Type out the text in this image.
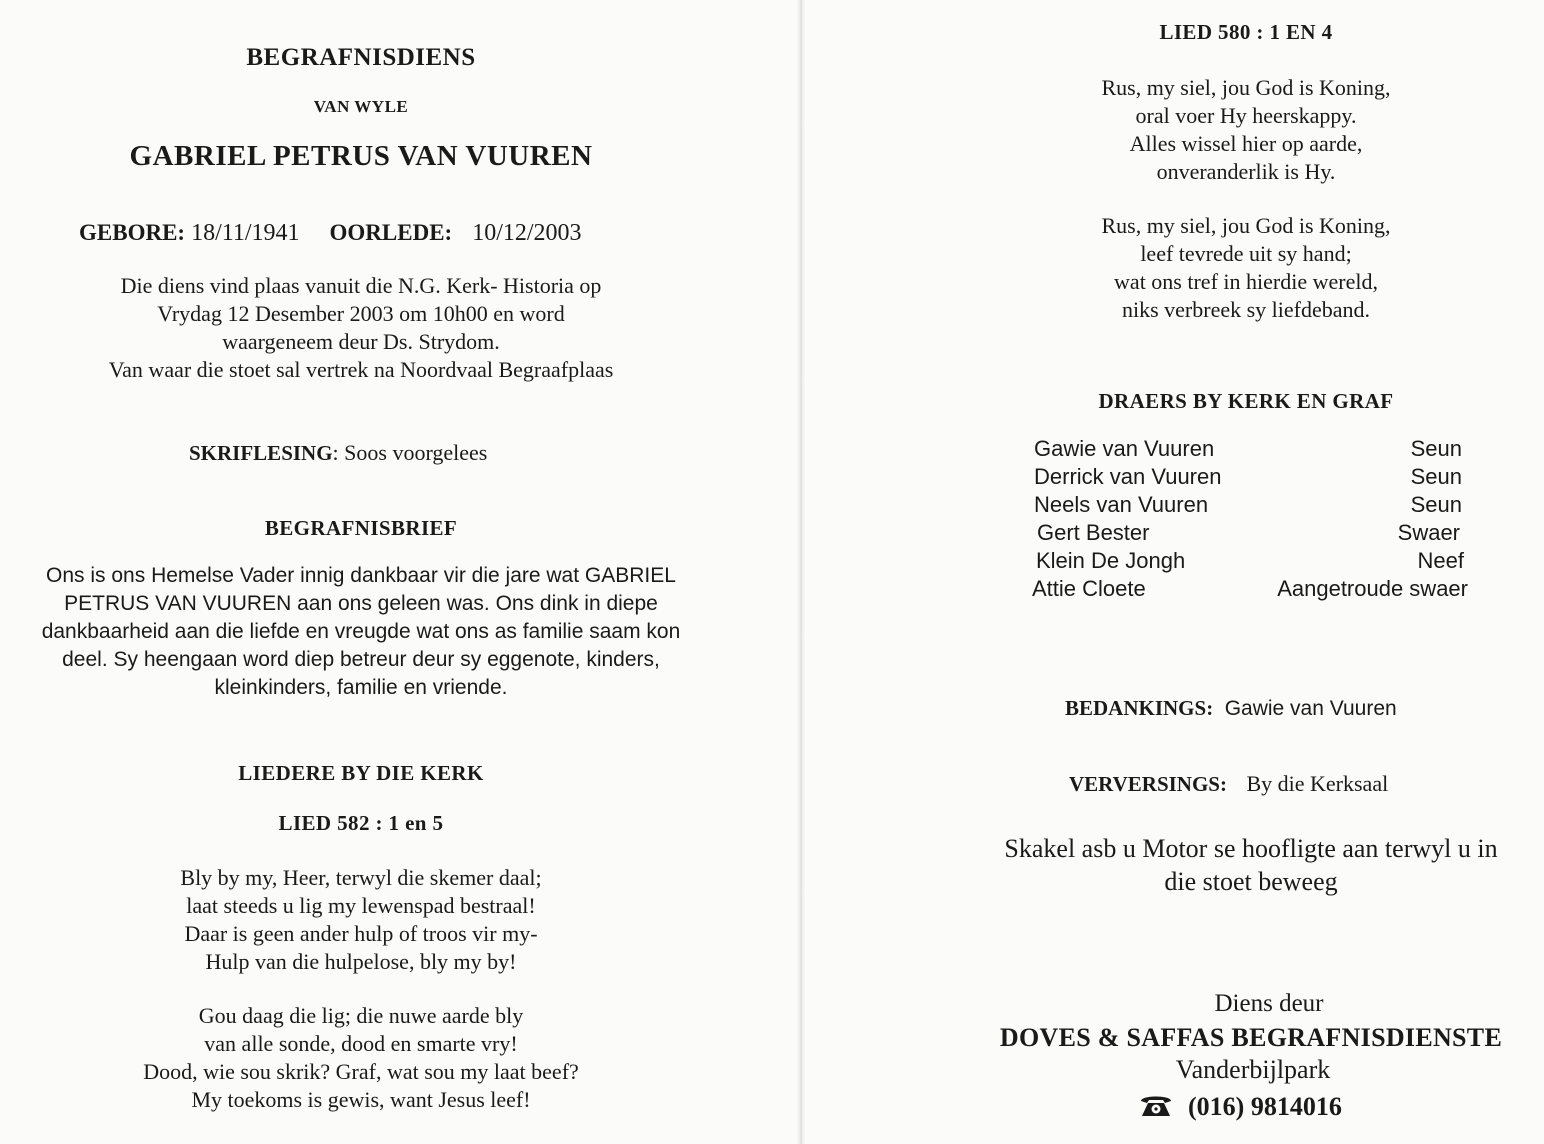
BEGRAFNISDIENS
VAN WYLE
GABRIEL PETRUS VAN VUUREN
GEBORE: 18/11/1941 OORLEDE: 10/12/2003
Die diens vind plaas vanuit die N.G. Kerk- Historia op
Vrydag 12 Desember 2003 om 10h00 en word
waargeneem deur Ds. Strydom.
Van waar die stoet sal vertrek na Noordvaal Begraafplaas
SKRIFLESING: Soos voorgelees
BEGRAFNISBRIEF
Ons is ons Hemelse Vader innig dankbaar vir die jare wat GABRIEL
PETRUS VAN VUUREN aan ons geleen was. Ons dink in diepe
dankbaarheid aan die liefde en vreugde wat ons as familie saam kon
deel. Sy heengaan word diep betreur deur sy eggenote, kinders,
kleinkinders, familie en vriende.
LIEDERE BY DIE KERK
LIED 582 : 1 en 5
Bly by my, Heer, terwyl die skemer daal;
laat steeds u lig my lewenspad bestraal!
Daar is geen ander hulp of troos vir my-
Hulp van die hulpelose, bly my by!
Gou daag die lig; die nuwe aarde bly
van alle sonde, dood en smarte vry!
Dood, wie sou skrik? Graf, wat sou my laat beef?
My toekoms is gewis, want Jesus leef!
LIED 580 : 1 EN 4
Rus, my siel, jou God is Koning,
oral voer Hy heerskappy.
Alles wissel hier op aarde,
onveranderlik is Hy.
Rus, my siel, jou God is Koning,
leef tevrede uit sy hand;
wat ons tref in hierdie wereld,
niks verbreek sy liefdeband.
DRAERS BY KERK EN GRAF
Gawie van Vuuren	Seun
Derrick van Vuuren	Seun
Neels van Vuuren	Seun
Gert Bester	Swaer
Klein De Jongh	Neef
Attie Cloete	Aangetroude swaer
BEDANKINGS: Gawie van Vuuren
VERVERSINGS: By die Kerksaal
Skakel asb u Motor se hoofligte aan terwyl u in
die stoet beweeg
Diens deur
DOVES & SAFFAS BEGRAFNISDIENSTE
Vanderbijlpark
(016) 9814016
